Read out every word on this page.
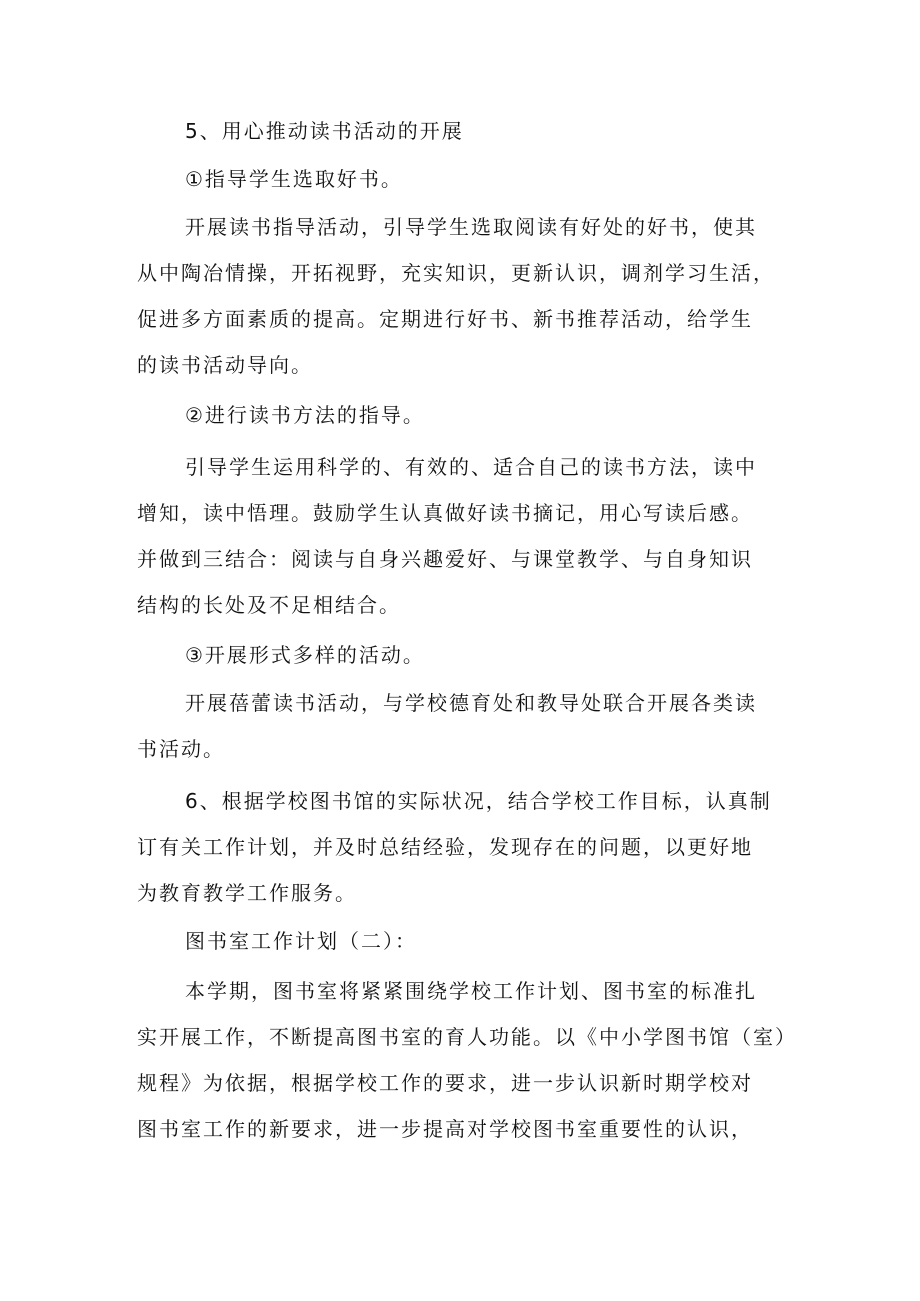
5、用心推动读书活动的开展

①指导学生选取好书。

开展读书指导活动，引导学生选取阅读有好处的好书，使其
从中陶冶情操，开拓视野，充实知识，更新认识，调剂学习生活，
促进多方面素质的提高。定期进行好书、新书推荐活动，给学生
的读书活动导向。

②进行读书方法的指导。

引导学生运用科学的、有效的、适合自己的读书方法，读中
增知，读中悟理。鼓励学生认真做好读书摘记，用心写读后感。
并做到三结合：阅读与自身兴趣爱好、与课堂教学、与自身知识
结构的长处及不足相结合。

③开展形式多样的活动。

开展蓓蕾读书活动，与学校德育处和教导处联合开展各类读
书活动。

6、根据学校图书馆的实际状况，结合学校工作目标，认真制
订有关工作计划，并及时总结经验，发现存在的问题，以更好地
为教育教学工作服务。

图书室工作计划（二）：

本学期，图书室将紧紧围绕学校工作计划、图书室的标准扎
实开展工作，不断提高图书室的育人功能。以《中小学图书馆（室）
规程》为依据，根据学校工作的要求，进一步认识新时期学校对
图书室工作的新要求，进一步提高对学校图书室重要性的认识，
